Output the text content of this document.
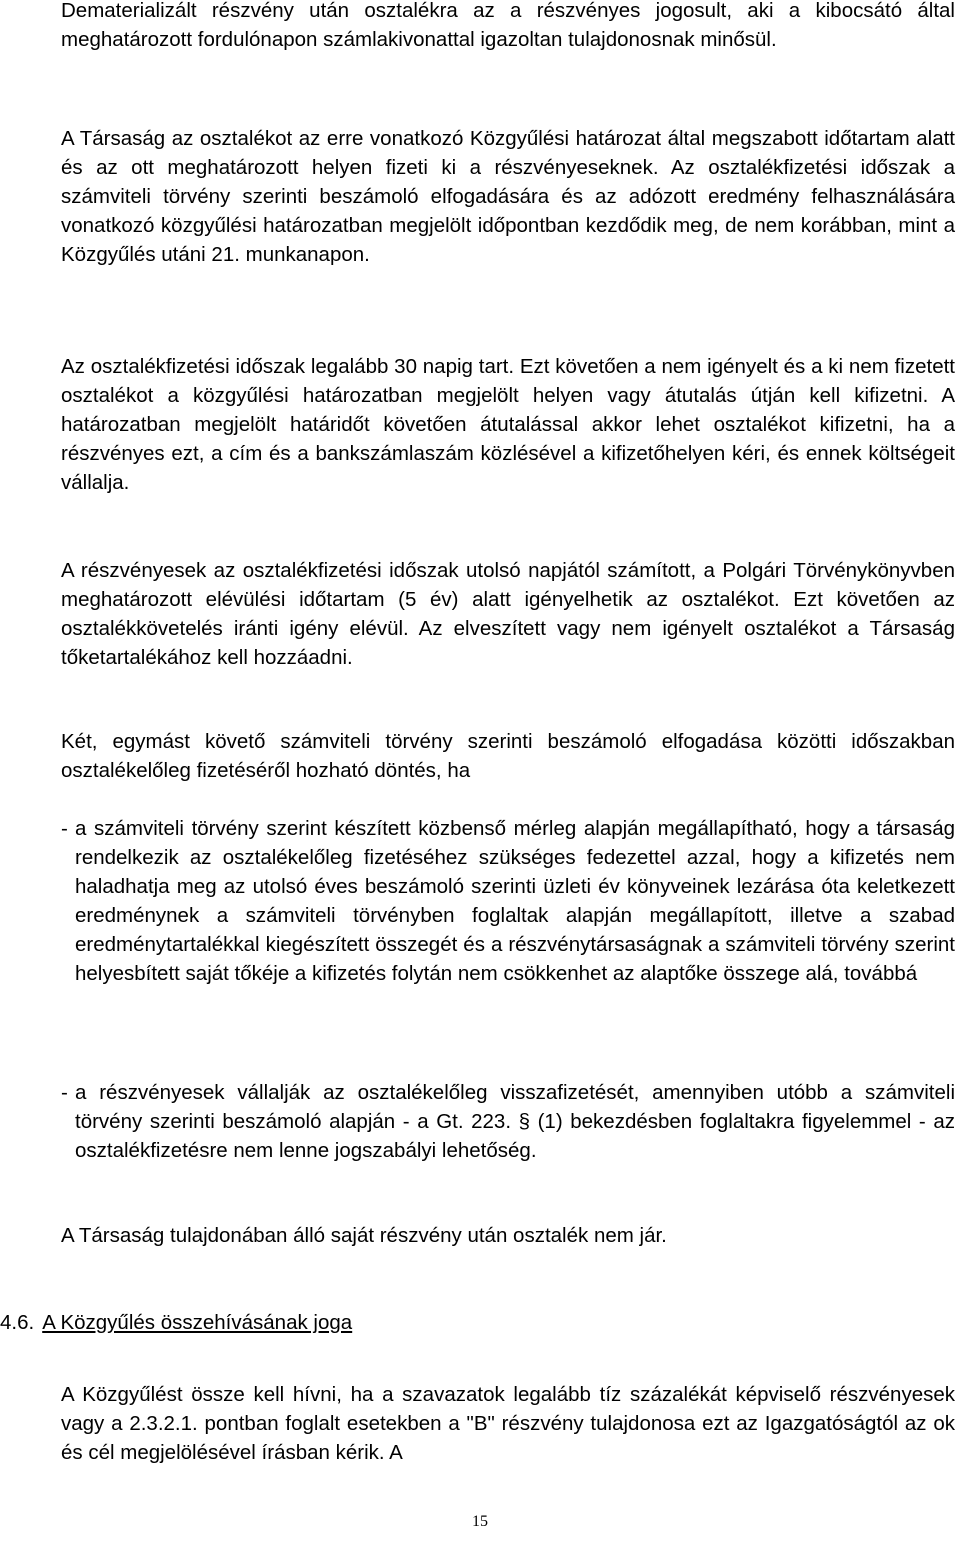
Dematerializált részvény után osztalékra az a részvényes jogosult, aki a kibocsátó által meghatározott fordulónapon számlakivonattal igazoltan tulajdonosnak minősül.

A Társaság az osztalékot az erre vonatkozó Közgyűlési határozat által megszabott időtartam alatt és az ott meghatározott helyen fizeti ki a részvényeseknek. Az osztalékfizetési időszak a számviteli törvény szerinti beszámoló elfogadására és az adózott eredmény felhasználására vonatkozó közgyűlési határozatban megjelölt időpontban kezdődik meg, de nem korábban, mint a Közgyűlés utáni 21. munkanapon.

Az osztalékfizetési időszak legalább 30 napig tart. Ezt követően a nem igényelt és a ki nem fizetett osztalékot a közgyűlési határozatban megjelölt helyen vagy átutalás útján kell kifizetni. A határozatban megjelölt határidőt követően átutalással akkor lehet osztalékot kifizetni, ha a részvényes ezt, a cím és a bankszámlaszám közlésével a kifizetőhelyen kéri, és ennek költségeit vállalja.

A részvényesek az osztalékfizetési időszak utolsó napjától számított, a Polgári Törvénykönyvben meghatározott elévülési időtartam (5 év) alatt igényelhetik az osztalékot. Ezt követően az osztalékkövetelés iránti igény elévül. Az elveszített vagy nem igényelt osztalékot a Társaság tőketartalékához kell hozzáadni.

Két, egymást követő számviteli törvény szerinti beszámoló elfogadása közötti időszakban osztalékelőleg fizetéséről hozható döntés, ha

- a számviteli törvény szerint készített közbenső mérleg alapján megállapítható, hogy a társaság rendelkezik az osztalékelőleg fizetéséhez szükséges fedezettel azzal, hogy a kifizetés nem haladhatja meg az utolsó éves beszámoló szerinti üzleti év könyveinek lezárása óta keletkezett eredménynek a számviteli törvényben foglaltak alapján megállapított, illetve a szabad eredménytartalékkal kiegészített összegét és a részvénytársaságnak a számviteli törvény szerint helyesbített saját tőkéje a kifizetés folytán nem csökkenhet az alaptőke összege alá, továbbá
- a részvényesek vállalják az osztalékelőleg visszafizetését, amennyiben utóbb a számviteli törvény szerinti beszámoló alapján - a Gt. 223. § (1) bekezdésben foglaltakra figyelemmel - az osztalékfizetésre nem lenne jogszabályi lehetőség.

A Társaság tulajdonában álló saját részvény után osztalék nem jár.

4.6. A Közgyűlés összehívásának joga

A Közgyűlést össze kell hívni, ha a szavazatok legalább tíz százalékát képviselő részvényesek vagy a 2.3.2.1. pontban foglalt esetekben a "B" részvény tulajdonosa ezt az Igazgatóságtól az ok és cél megjelölésével írásban kérik. A

15
